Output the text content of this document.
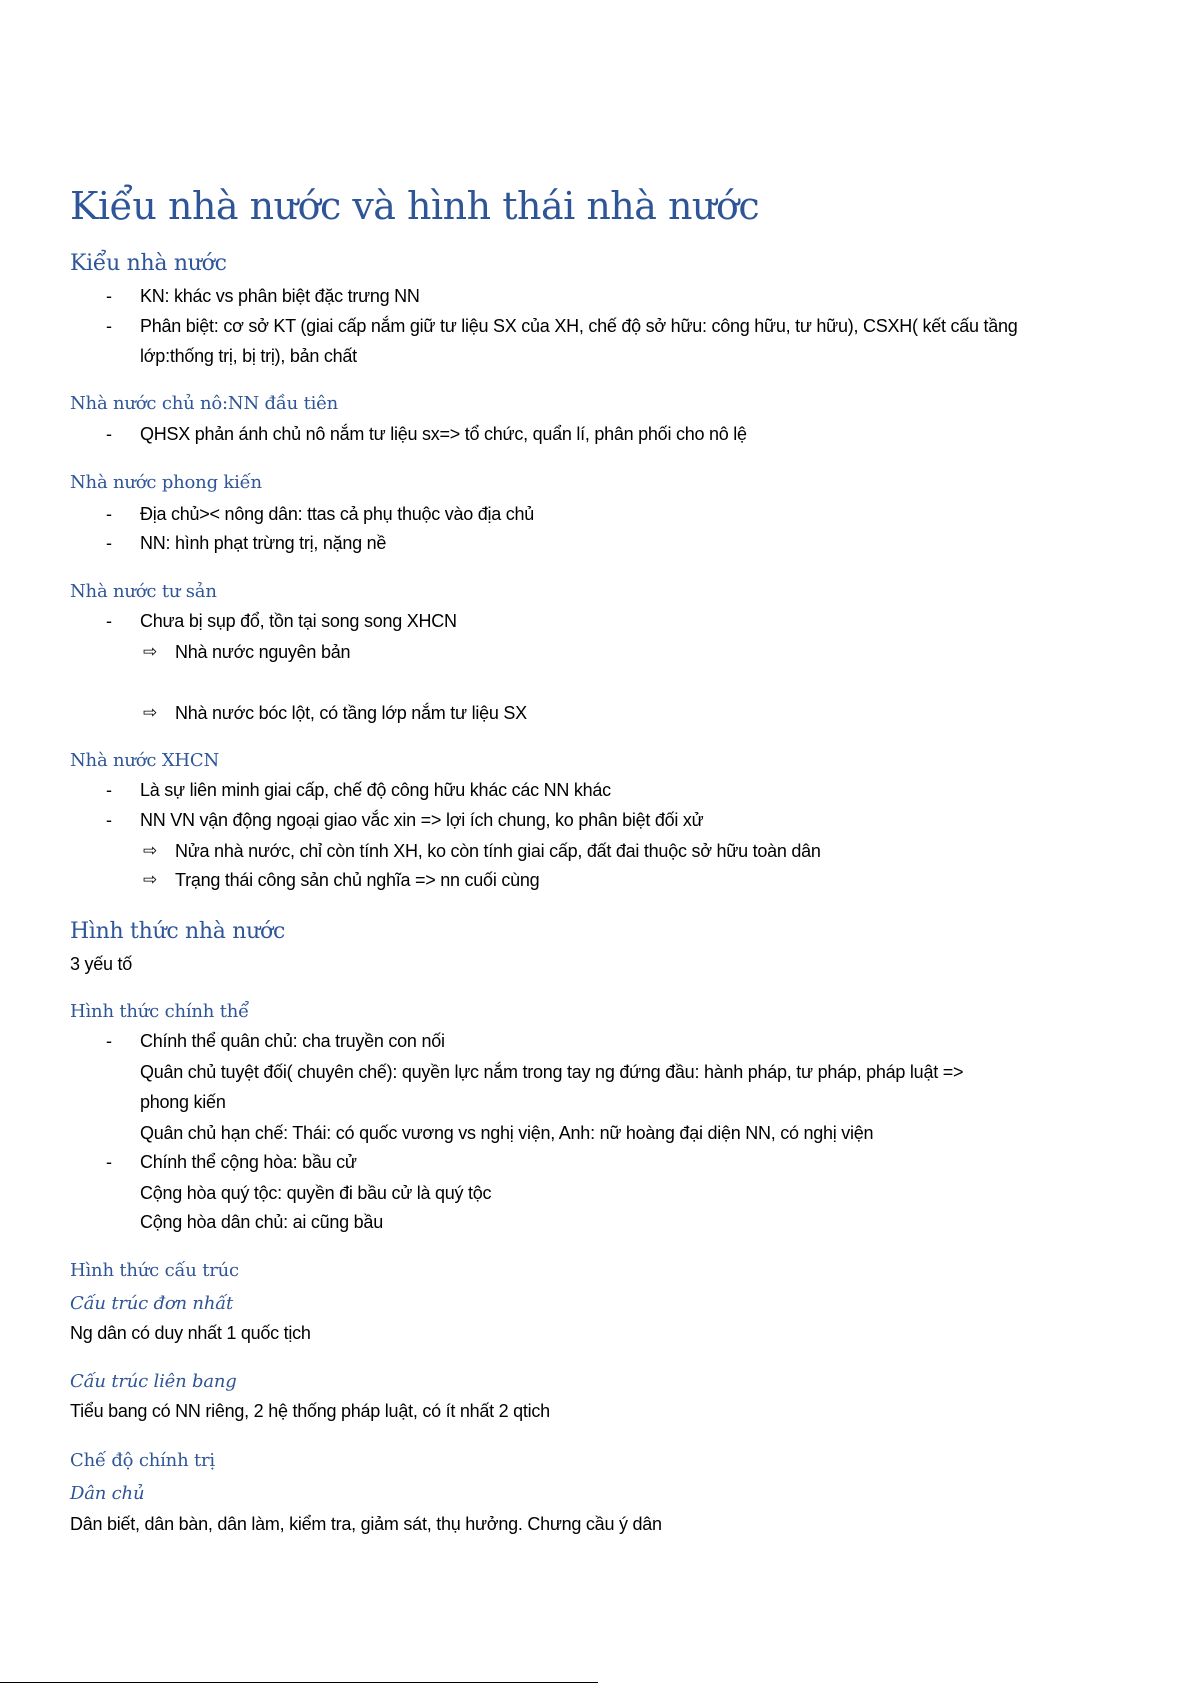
Kiểu nhà nước và hình thái nhà nước
Kiểu nhà nước
- KN: khác vs phân biệt đặc trưng NN
- Phân biệt: cơ sở KT (giai cấp nắm giữ tư liệu SX của XH, chế độ sở hữu: công hữu, tư hữu), CSXH( kết cấu tầng
lớp:thống trị, bị trị), bản chất
Nhà nước chủ nô:NN đầu tiên
- QHSX phản ánh chủ nô nắm tư liệu sx=> tổ chức, quẩn lí, phân phối cho nô lệ
Nhà nước phong kiến
- Địa chủ>< nông dân: ttas cả phụ thuộc vào địa chủ
- NN: hình phạt trừng trị, nặng nề
Nhà nước tư sản
- Chưa bị sụp đổ, tồn tại song song XHCN
⇨ Nhà nước nguyên bản
⇨ Nhà nước bóc lột, có tầng lớp nắm tư liệu SX
Nhà nước XHCN
- Là sự liên minh giai cấp, chế độ công hữu khác các NN khác
- NN VN vận động ngoại giao vắc xin => lợi ích chung, ko phân biệt đối xử
⇨ Nửa nhà nước, chỉ còn tính XH, ko còn tính giai cấp, đất đai thuộc sở hữu toàn dân
⇨ Trạng thái công sản chủ nghĩa => nn cuối cùng
Hình thức nhà nước
3 yếu tố
Hình thức chính thể
- Chính thể quân chủ: cha truyền con nối
Quân chủ tuyệt đối( chuyên chế): quyền lực nắm trong tay ng đứng đầu: hành pháp, tư pháp, pháp luật =>
phong kiến
Quân chủ hạn chế: Thái: có quốc vương vs nghị viện, Anh: nữ hoàng đại diện NN, có nghị viện
- Chính thể cộng hòa: bầu cử
Cộng hòa quý tộc: quyền đi bầu cử là quý tộc
Cộng hòa dân chủ: ai cũng bầu
Hình thức cấu trúc
Cấu trúc đơn nhất
Ng dân có duy nhất 1 quốc tịch
Cấu trúc liên bang
Tiểu bang có NN riêng, 2 hệ thống pháp luật, có ít nhất 2 qtich
Chế độ chính trị
Dân chủ
Dân biết, dân bàn, dân làm, kiểm tra, giảm sát, thụ hưởng. Chưng cầu ý dân
